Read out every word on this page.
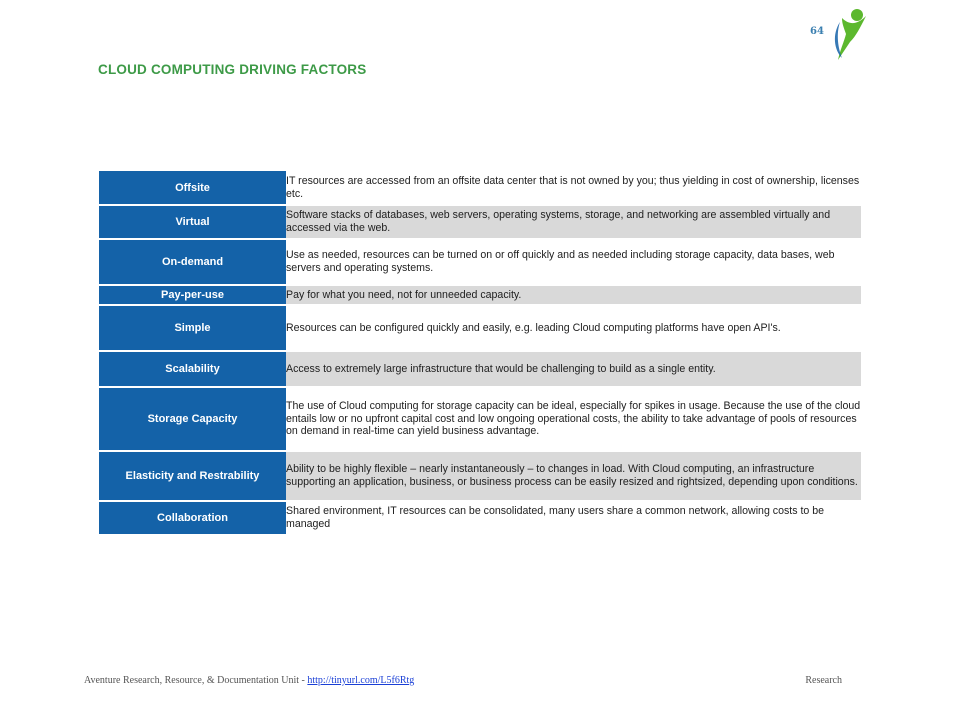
64
CLOUD COMPUTING DRIVING FACTORS
Offsite	IT resources are accessed from an offsite data center that is not owned by you; thus yielding in cost of ownership, licenses etc.
Virtual	Software stacks of databases, web servers, operating systems, storage, and networking are assembled virtually and accessed via the web.
On-demand	Use as needed, resources can be turned on or off quickly and as needed including storage capacity, data bases, web servers and operating systems.
Pay-per-use	Pay for what you need, not for unneeded capacity.
Simple	Resources can be configured quickly and easily, e.g. leading Cloud computing platforms have open API's.
Scalability	Access to extremely large infrastructure that would be challenging to build as a single entity.
Storage Capacity	The use of Cloud computing for storage capacity can be ideal, especially for spikes in usage. Because the use of the cloud entails low or no upfront capital cost and low ongoing operational costs, the ability to take advantage of pools of resources on demand in real-time can yield business advantage.
Elasticity and Restrability	Ability to be highly flexible – nearly instantaneously – to changes in load. With Cloud computing, an infrastructure supporting an application, business, or business process can be easily resized and rightsized, depending upon conditions.
Collaboration	Shared environment, IT resources can be consolidated, many users share a common network, allowing costs to be managed
Aventure Research, Resource, & Documentation Unit - http://tinyurl.com/L5f6Rtg	Research
